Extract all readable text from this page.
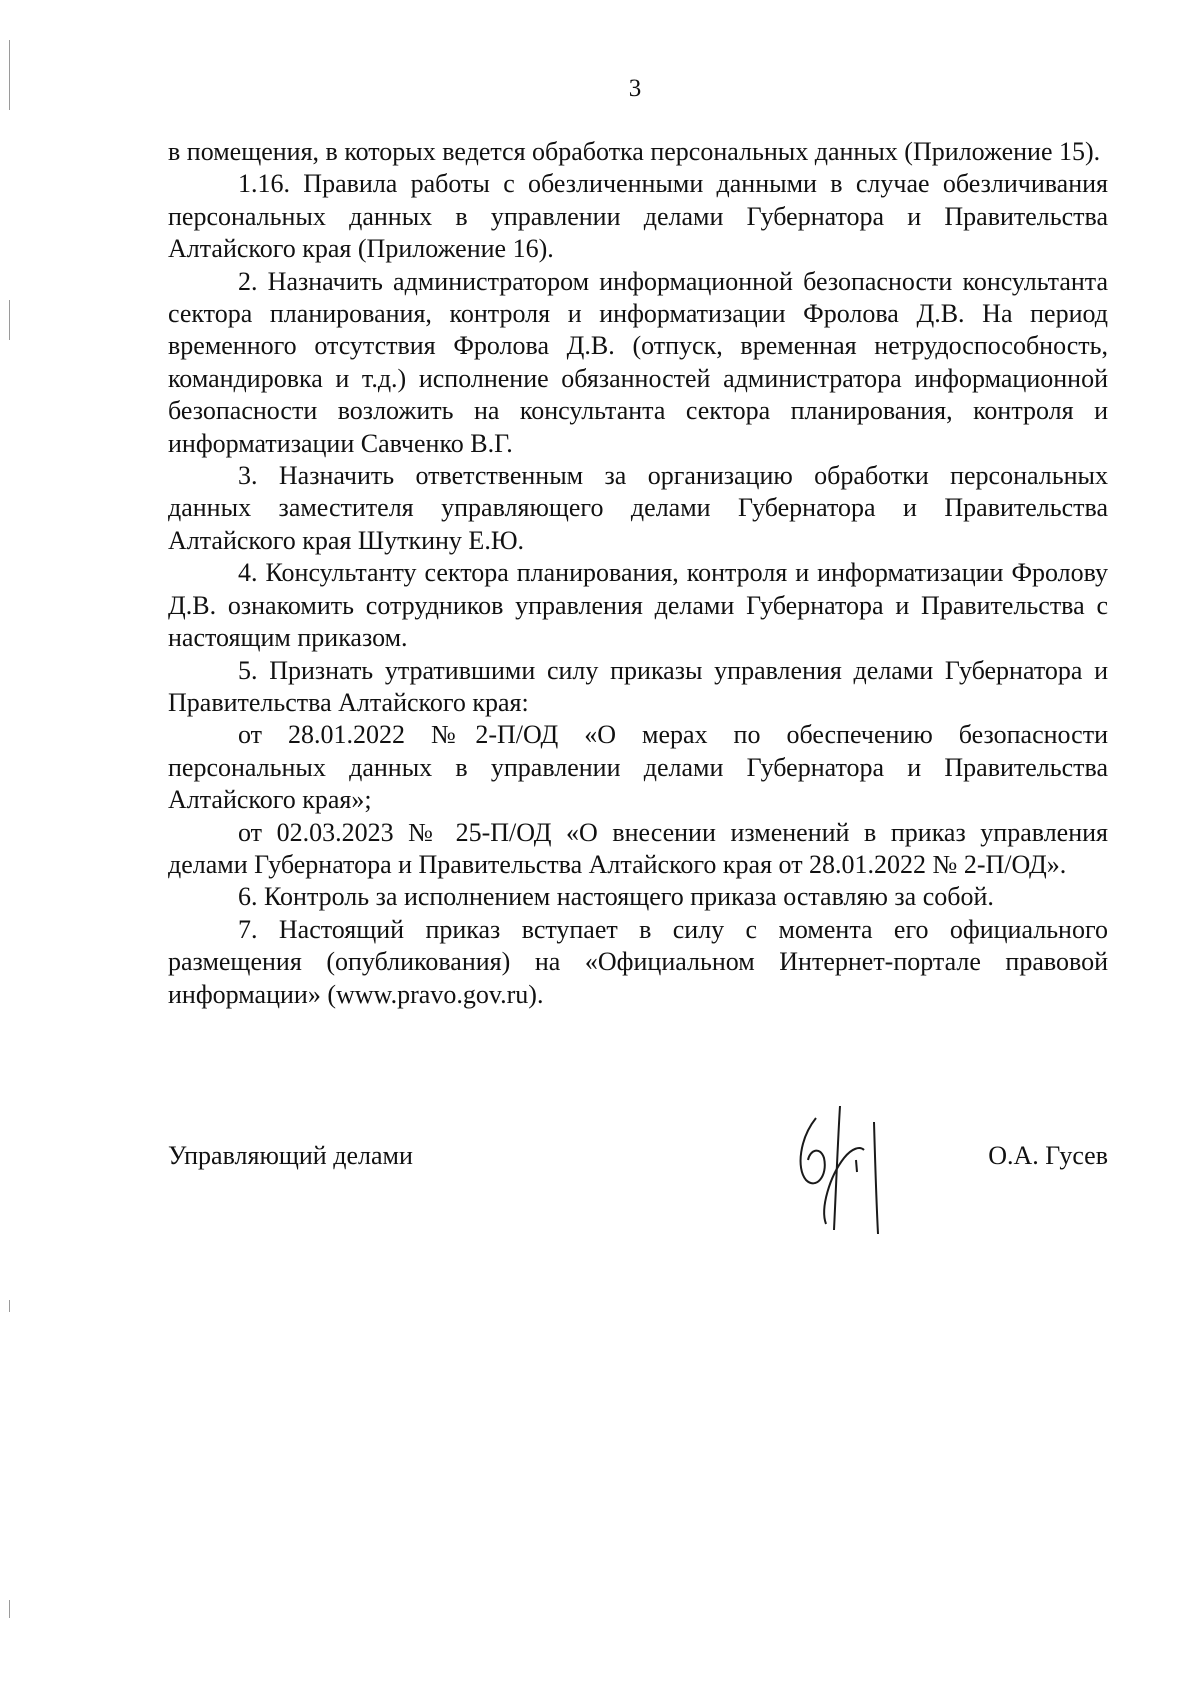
3

в помещения, в которых ведется обработка персональных данных (Приложение 15).

1.16. Правила работы с обезличенными данными в случае обезличивания персональных данных в управлении делами Губернатора и Правительства Алтайского края (Приложение 16).

2. Назначить администратором информационной безопасности консультанта сектора планирования, контроля и информатизации Фролова Д.В. На период временного отсутствия Фролова Д.В. (отпуск, временная нетрудоспособность, командировка и т.д.) исполнение обязанностей администратора информационной безопасности возложить на консультанта сектора планирования, контроля и информатизации Савченко В.Г.

3. Назначить ответственным за организацию обработки персональных данных заместителя управляющего делами Губернатора и Правительства Алтайского края Шуткину Е.Ю.

4. Консультанту сектора планирования, контроля и информатизации Фролову Д.В. ознакомить сотрудников управления делами Губернатора и Правительства с настоящим приказом.

5. Признать утратившими силу приказы управления делами Губернатора и Правительства Алтайского края:

от 28.01.2022 №2-П/ОД «О мерах по обеспечению безопасности персональных данных в управлении делами Губернатора и Правительства Алтайского края»;

от 02.03.2023 № 25-П/ОД «О внесении изменений в приказ управления делами Губернатора и Правительства Алтайского края от 28.01.2022 № 2-П/ОД».

6. Контроль за исполнением настоящего приказа оставляю за собой.

7. Настоящий приказ вступает в силу с момента его официального размещения (опубликования) на «Официальном Интернет-портале правовой информации» (www.pravo.gov.ru).

Управляющий делами	О.А. Гусев
